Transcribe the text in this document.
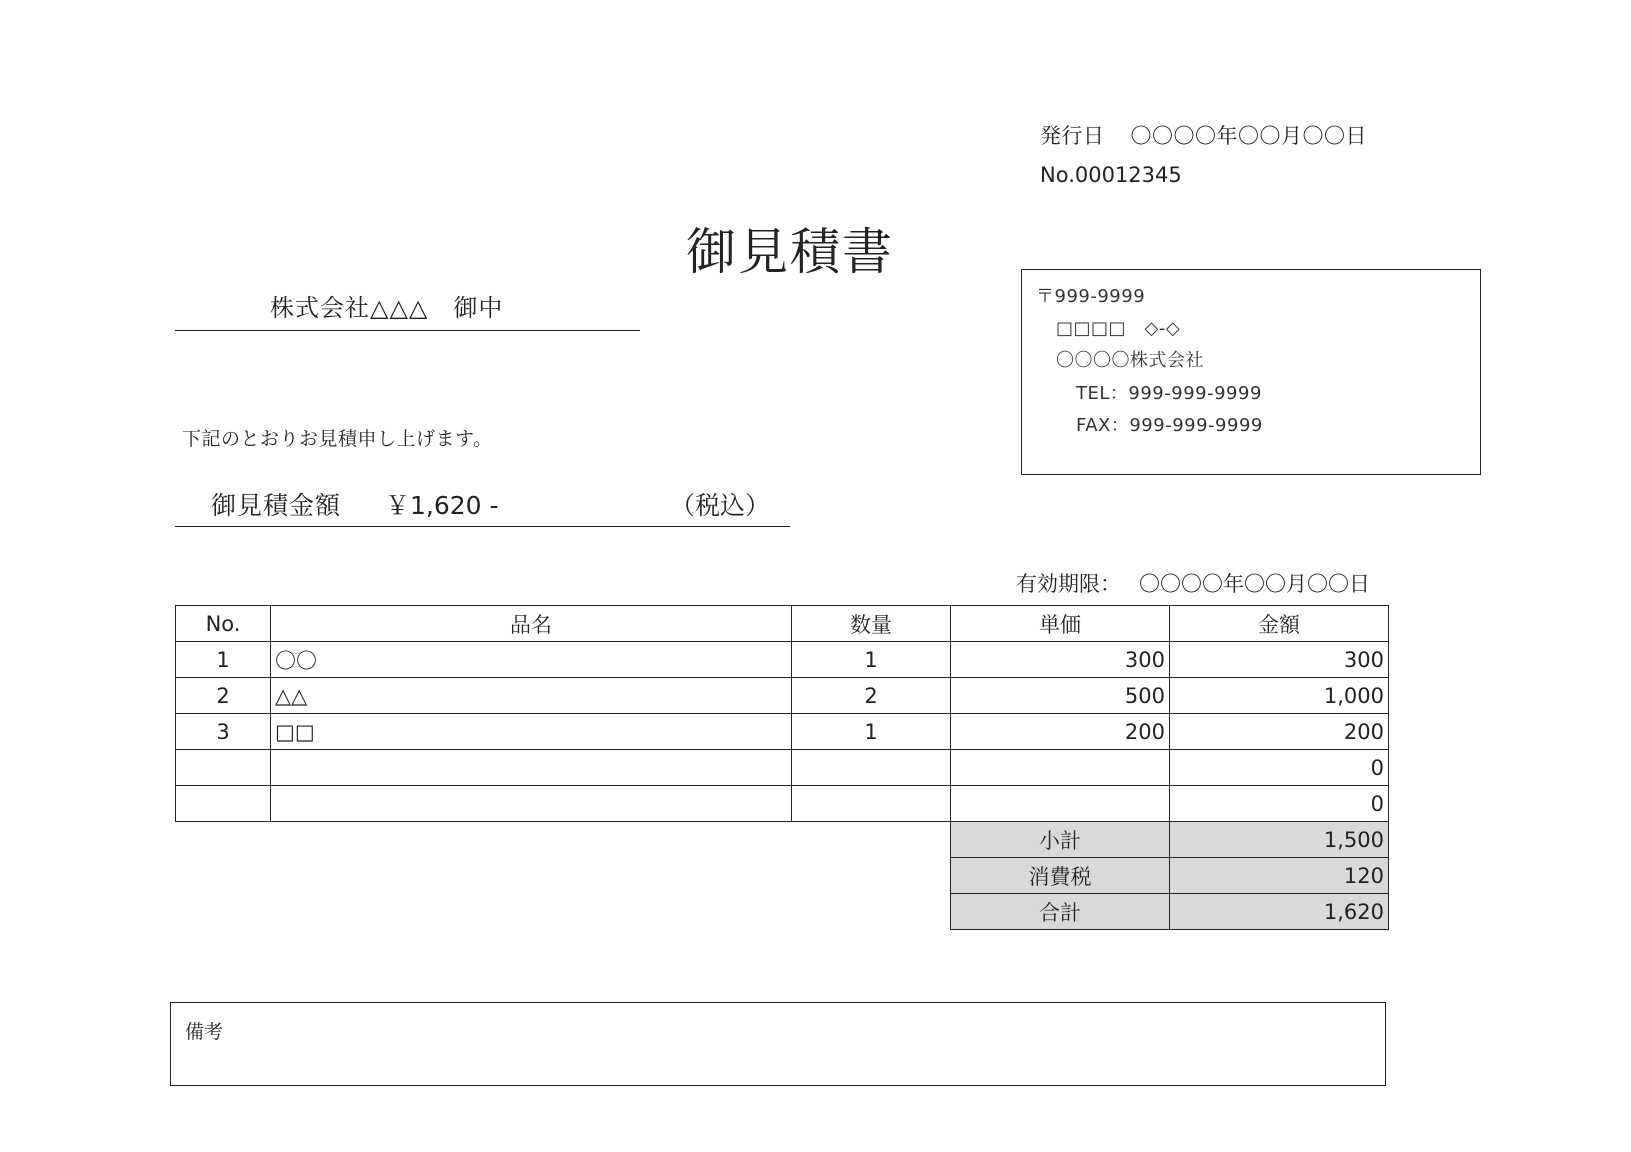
発行日 〇〇〇〇年〇〇月〇〇日
No.00012345
御見積書
株式会社△△△　御中
下記のとおりお見積申し上げます。
御見積金額 ￥1,620 -	（税込）
〒999-9999
□□□□　◇-◇
〇〇〇〇株式会社
TEL：999-999-9999
FAX：999-999-9999
有効期限： 〇〇〇〇年〇〇月〇〇日
No.	品名	数量	単価	金額
1	〇〇	1	300	300
2	△△	2	500	1,000
3	□□	1	200	200
				0
				0
			小計	1,500
			消費税	120
			合計	1,620
備考
